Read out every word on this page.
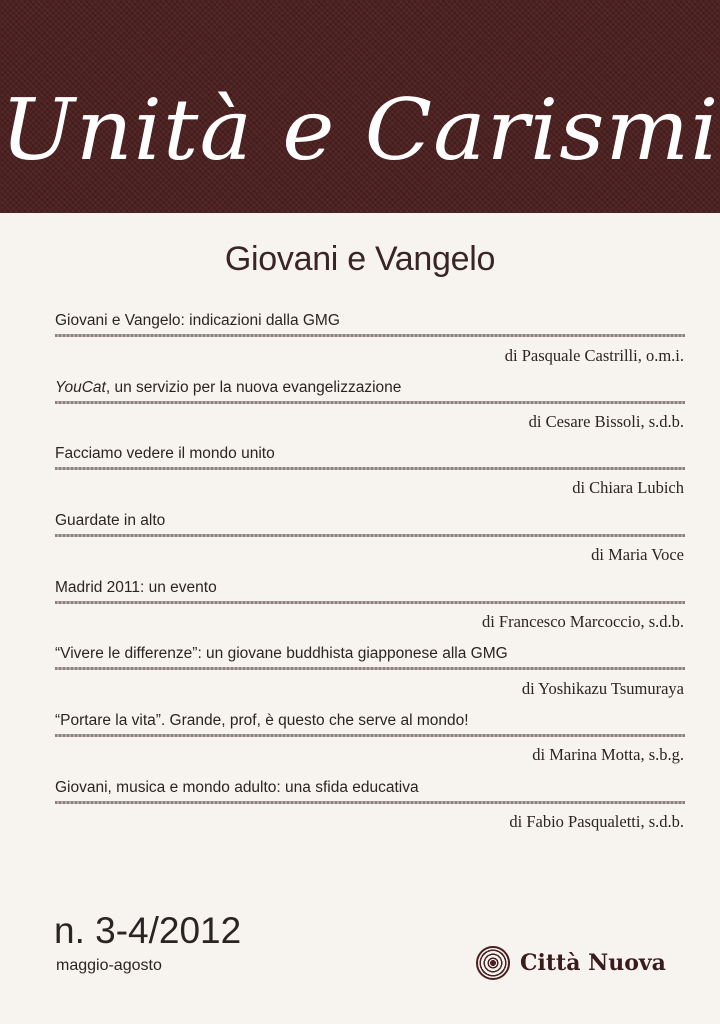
Unità e Carismi
Giovani e Vangelo
Giovani e Vangelo: indicazioni dalla GMG
di Pasquale Castrilli, o.m.i.
YouCat, un servizio per la nuova evangelizzazione
di Cesare Bissoli, s.d.b.
Facciamo vedere il mondo unito
di Chiara Lubich
Guardate in alto
di Maria Voce
Madrid 2011: un evento
di Francesco Marcoccio, s.d.b.
“Vivere le differenze”: un giovane buddhista giapponese alla GMG
di Yoshikazu Tsumuraya
“Portare la vita”. Grande, prof, è questo che serve al mondo!
di Marina Motta, s.b.g.
Giovani, musica e mondo adulto: una sfida educativa
di Fabio Pasqualetti, s.d.b.
n. 3-4/2012
maggio-agosto	Città Nuova
